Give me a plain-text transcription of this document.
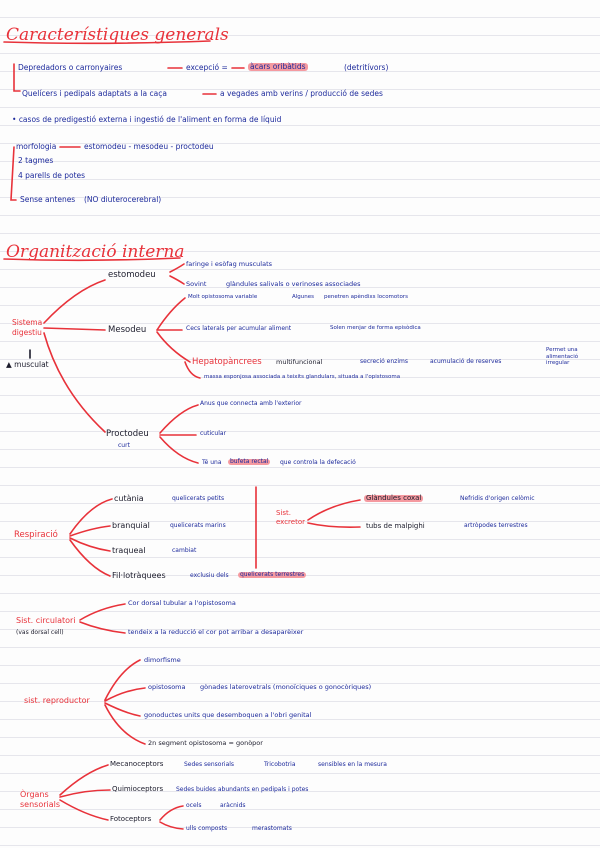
Característiques generals
Depredadors o carronyaires	excepció =	àcars oribàtids	(detritívors)
Quelícers i pedipals adaptats a la caça	a vegades amb verins / producció de sedes
• casos de predigestió externa i ingestió de l'aliment en forma de líquid
morfologia	estomodeu - mesodeu - proctodeu
2 tagmes
4 parells de potes
Sense antenes (NO diuterocerebral)
Organització interna
Sistema digestiu
▲ musculat
estomodeu
faringe i esòfag musculats
Sovint	glàndules salivals o verinoses associades
Mesodeu
Molt opistosoma variable	Algunes penetren apèndixs locomotors
Cecs laterals per acumular aliment	Solen menjar de forma episòdica
Hepatopàncrees multifuncional	secreció enzims	acumulació de reserves
Permet una alimentació irregular
massa esponjosa associada a teixits glandulars, situada a l'opistosoma
Proctodeu
curt
Anus que connecta amb l'exterior
cuticular
Té una	bufeta rectal	que controla la defecació
Respiració
cutània	quelicerats petits
branquial	quelicerats marins
traqueal	cambiat
Fil·lotràquees	exclusiu dels	quelicerats terrestres
Sist. excretor
Glàndules coxal	Nefridis d'origen celòmic
tubs de malpighi	artròpodes terrestres
Sist. circulatori
(vas dorsal cell)
Cor dorsal tubular a l'opistosoma
tendeix a la reducció el cor pot arribar a desaparèixer
sist. reproductor
dimorfisme
opistosoma gònades laterovetrals (monoïciques o gonocòriques)
gonoductes units que desemboquen a l'obri genital
2n segment opistosoma = gonòpor
Òrgans sensorials
Mecanoceptors	Sedes sensorials	Tricobotria	sensibles en la mesura
Quimioceptors Sedes buides abundants en pedipals i potes
Fotoceptors
ocels	aràcnids
ulls composts	merastomats
